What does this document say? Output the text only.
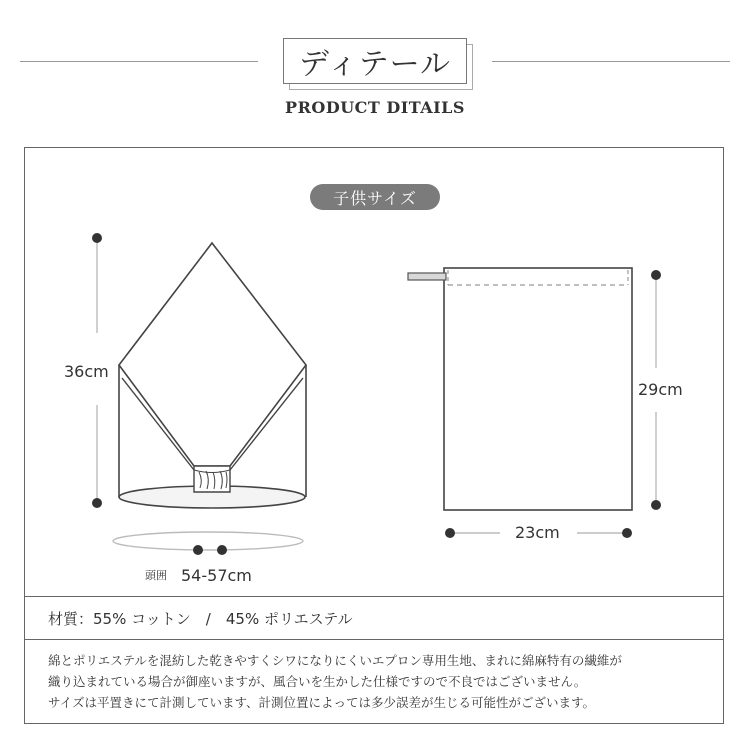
ディテール
PRODUCT DITAILS
子供サイズ
36cm
頭囲 54-57cm
29cm
23cm
材質：55% コットン　/　45% ポリエステル
綿とポリエステルを混紡した乾きやすくシワになりにくいエプロン専用生地、まれに綿麻特有の繊維が
織り込まれている場合が御座いますが、風合いを生かした仕様ですので不良ではございません。
サイズは平置きにて計測しています、計測位置によっては多少誤差が生じる可能性がございます。
